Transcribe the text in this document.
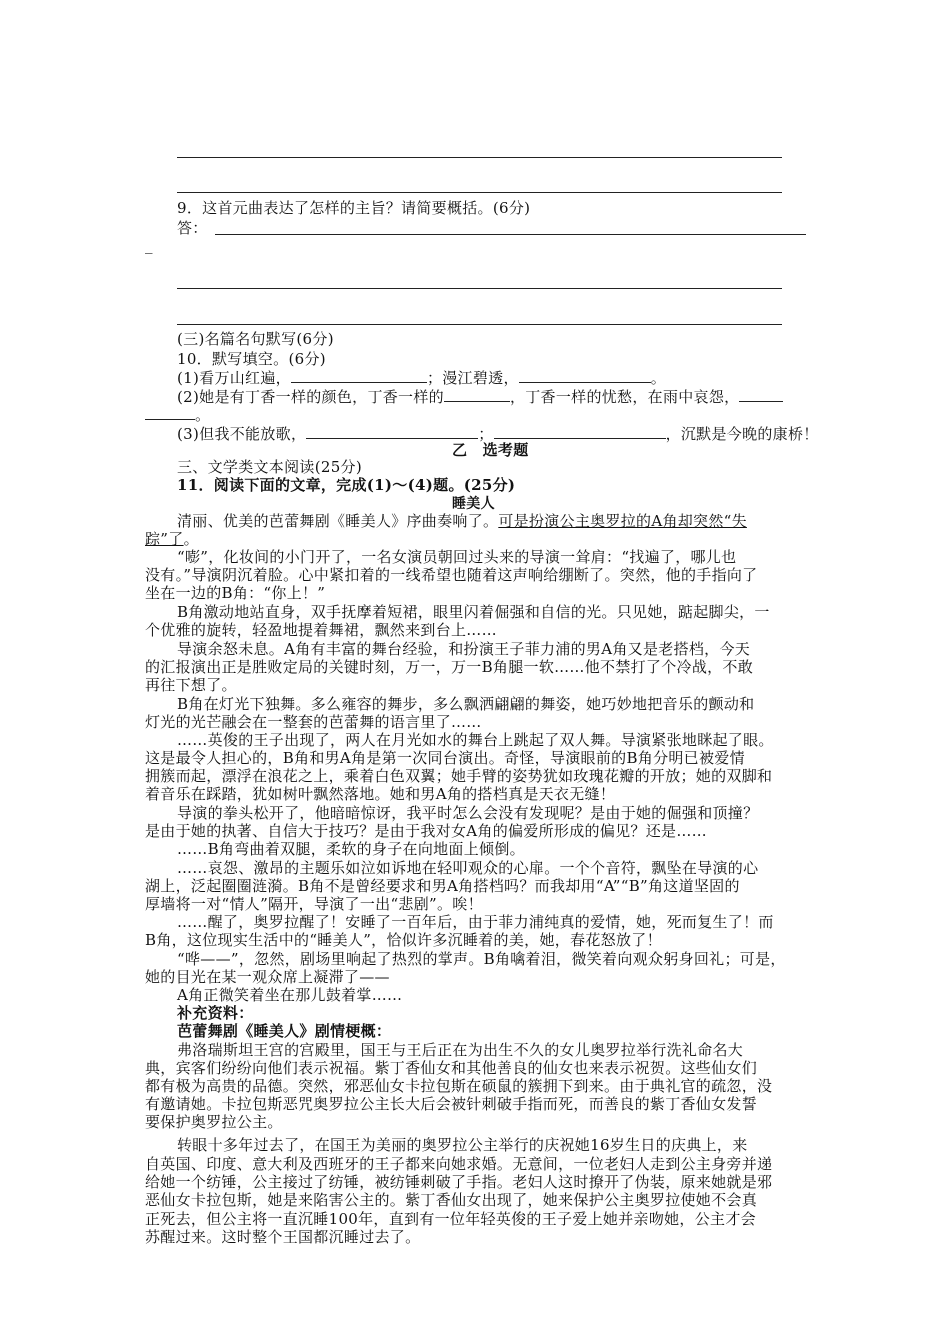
9．这首元曲表达了怎样的主旨？请简要概括。(6分)
答：
_
(三)名篇名句默写(6分)
10．默写填空。(6分)
(1)看万山红遍，	；漫江碧透，	。
(2)她是有丁香一样的颜色，丁香一样的	，丁香一样的忧愁，在雨中哀怨，
。
(3)但我不能放歌，	；	，沉默是今晚的康桥！
乙　选考题
三、文学类文本阅读(25分)
11．阅读下面的文章，完成(1)～(4)题。(25分)
睡美人
清丽、优美的芭蕾舞剧《睡美人》序曲奏响了。可是扮演公主奥罗拉的A角却突然“失
踪”了。
“嘭”，化妆间的小门开了，一名女演员朝回过头来的导演一耸肩：“找遍了，哪儿也
没有。”导演阴沉着脸。心中紧扣着的一线希望也随着这声响给绷断了。突然，他的手指向了
坐在一边的B角：“你上！”
B角激动地站直身，双手抚摩着短裙，眼里闪着倔强和自信的光。只见她，踮起脚尖，一
个优雅的旋转，轻盈地提着舞裙，飘然来到台上……
导演余怒未息。A角有丰富的舞台经验，和扮演王子菲力浦的男A角又是老搭档，今天
的汇报演出正是胜败定局的关键时刻，万一，万一B角腿一软……他不禁打了个冷战，不敢
再往下想了。
B角在灯光下独舞。多么雍容的舞步，多么飘洒翩翩的舞姿，她巧妙地把音乐的颤动和
灯光的光芒融会在一整套的芭蕾舞的语言里了……
……英俊的王子出现了，两人在月光如水的舞台上跳起了双人舞。导演紧张地眯起了眼。
这是最令人担心的，B角和男A角是第一次同台演出。奇怪，导演眼前的B角分明已被爱情
拥簇而起，漂浮在浪花之上，乘着白色双翼；她手臂的姿势犹如玫瑰花瓣的开放；她的双脚和
着音乐在踩踏，犹如树叶飘然落地。她和男A角的搭档真是天衣无缝！
导演的拳头松开了，他暗暗惊讶，我平时怎么会没有发现呢？是由于她的倔强和顶撞？
是由于她的执著、自信大于技巧？是由于我对女A角的偏爱所形成的偏见？还是……
……B角弯曲着双腿，柔软的身子在向地面上倾倒。
……哀怨、激昂的主题乐如泣如诉地在轻叩观众的心扉。一个个音符，飘坠在导演的心
湖上，泛起圈圈涟漪。B角不是曾经要求和男A角搭档吗？而我却用“A”“B”角这道坚固的
厚墙将一对“情人”隔开，导演了一出“悲剧”。唉！
……醒了，奥罗拉醒了！安睡了一百年后，由于菲力浦纯真的爱情，她，死而复生了！而
B角，这位现实生活中的“睡美人”，恰似许多沉睡着的美，她，春花怒放了！
“哗——”，忽然，剧场里响起了热烈的掌声。B角噙着泪，微笑着向观众躬身回礼；可是，
她的目光在某一观众席上凝滞了——
A角正微笑着坐在那儿鼓着掌……
补充资料：
芭蕾舞剧《睡美人》剧情梗概：
弗洛瑞斯坦王宫的宫殿里，国王与王后正在为出生不久的女儿奥罗拉举行洗礼命名大
典，宾客们纷纷向他们表示祝福。紫丁香仙女和其他善良的仙女也来表示祝贺。这些仙女们
都有极为高贵的品德。突然，邪恶仙女卡拉包斯在硕鼠的簇拥下到来。由于典礼官的疏忽，没
有邀请她。卡拉包斯恶咒奥罗拉公主长大后会被针刺破手指而死，而善良的紫丁香仙女发誓
要保护奥罗拉公主。
转眼十多年过去了，在国王为美丽的奥罗拉公主举行的庆祝她16岁生日的庆典上，来
自英国、印度、意大利及西班牙的王子都来向她求婚。无意间，一位老妇人走到公主身旁并递
给她一个纺锤，公主接过了纺锤，被纺锤刺破了手指。老妇人这时撩开了伪装，原来她就是邪
恶仙女卡拉包斯，她是来陷害公主的。紫丁香仙女出现了，她来保护公主奥罗拉使她不会真
正死去，但公主将一直沉睡100年，直到有一位年轻英俊的王子爱上她并亲吻她，公主才会
苏醒过来。这时整个王国都沉睡过去了。
